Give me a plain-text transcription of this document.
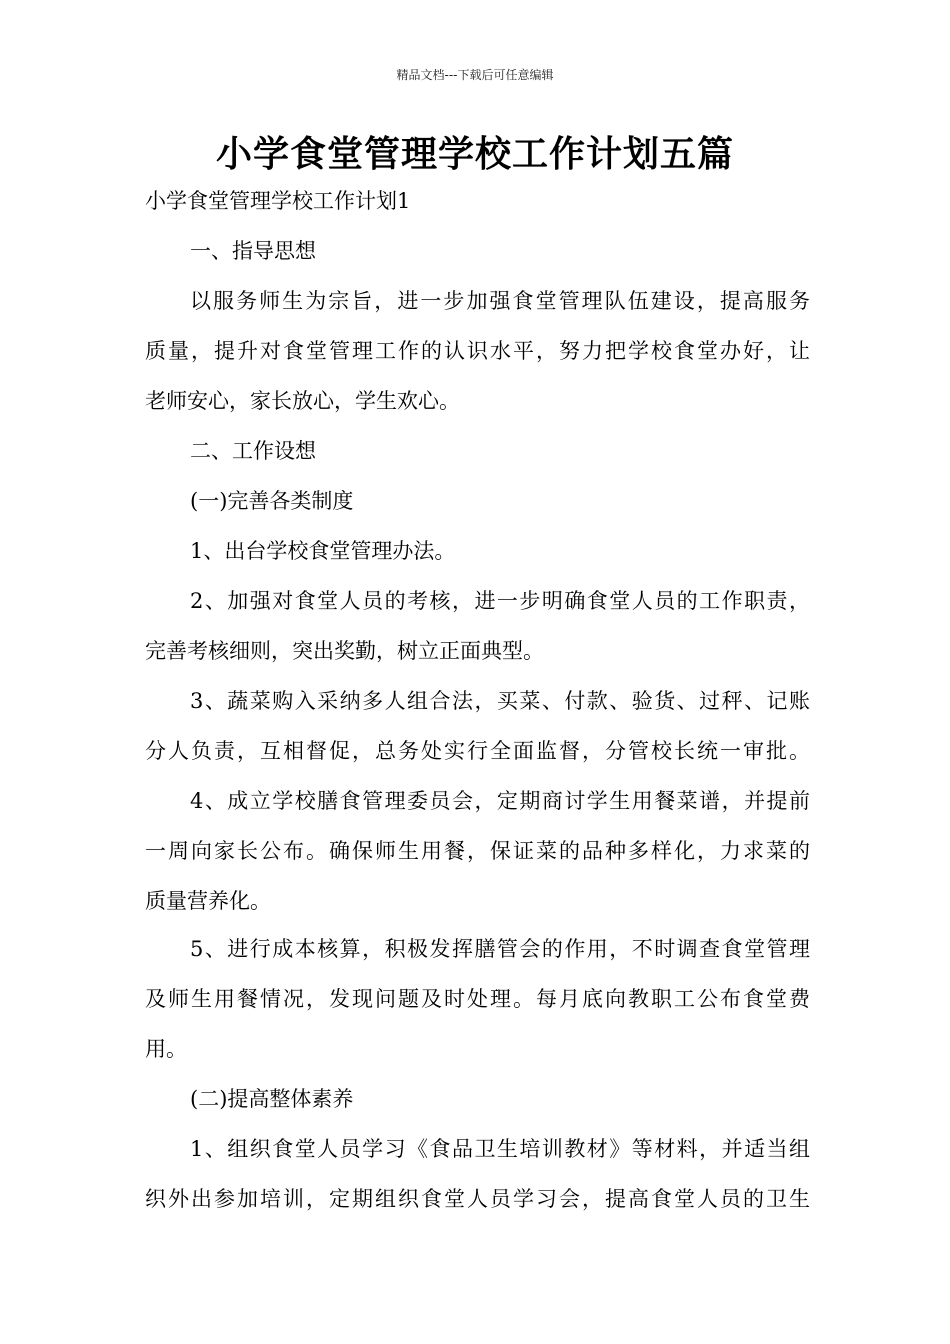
精品文档---下载后可任意编辑
小学食堂管理学校工作计划五篇
小学食堂管理学校工作计划1
一、指导思想
以服务师生为宗旨，进一步加强食堂管理队伍建设，提高服务
质量，提升对食堂管理工作的认识水平，努力把学校食堂办好，让
老师安心，家长放心，学生欢心。
二、工作设想
(一)完善各类制度
1、出台学校食堂管理办法。
2、加强对食堂人员的考核，进一步明确食堂人员的工作职责，
完善考核细则，突出奖勤，树立正面典型。
3、蔬菜购入采纳多人组合法，买菜、付款、验货、过秤、记账
分人负责，互相督促，总务处实行全面监督，分管校长统一审批。
4、成立学校膳食管理委员会，定期商讨学生用餐菜谱，并提前
一周向家长公布。确保师生用餐，保证菜的品种多样化，力求菜的
质量营养化。
5、进行成本核算，积极发挥膳管会的作用，不时调查食堂管理
及师生用餐情况，发现问题及时处理。每月底向教职工公布食堂费
用。
(二)提高整体素养
1、组织食堂人员学习《食品卫生培训教材》等材料，并适当组
织外出参加培训，定期组织食堂人员学习会，提高食堂人员的卫生
